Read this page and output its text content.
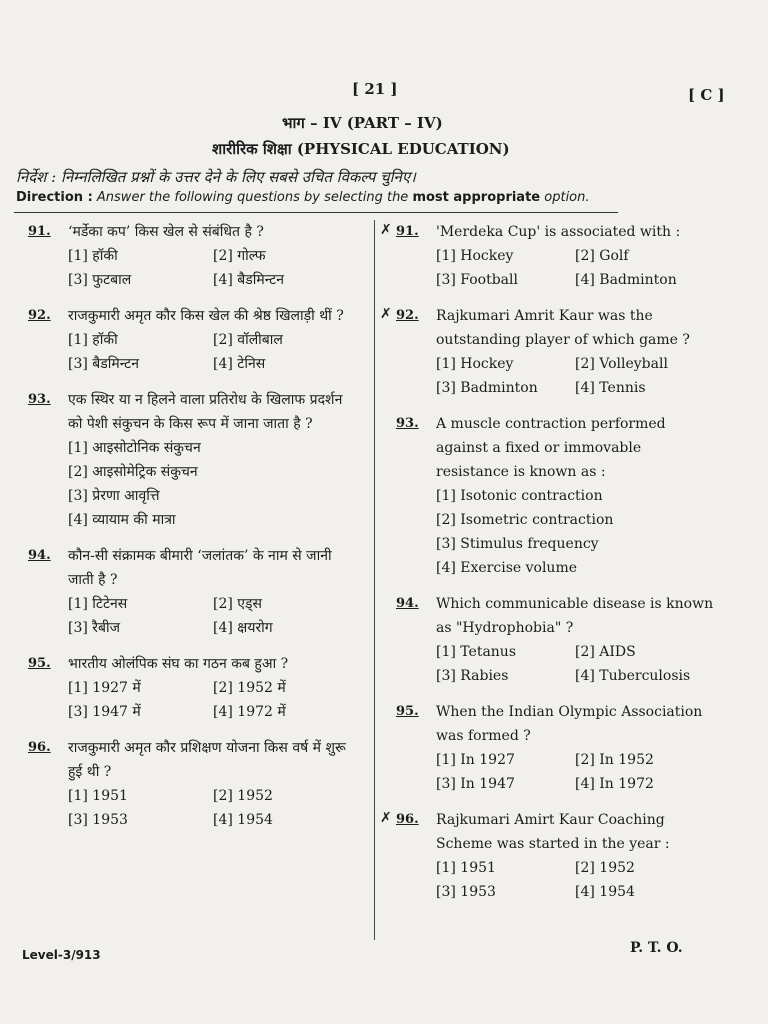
[ 21 ]	[ C ]
भाग – IV (PART – IV)
शारीरिक शिक्षा (PHYSICAL EDUCATION)
निर्देश : निम्नलिखित प्रश्नों के उत्तर देने के लिए सबसे उचित विकल्प चुनिए।
Direction : Answer the following questions by selecting the most appropriate option.
91. ‘मर्डेका कप’ किस खेल से संबंधित है ?
[1] हॉकी	[2] गोल्फ
[3] फुटबाल	[4] बैडमिन्टन
92. राजकुमारी अमृत कौर किस खेल की श्रेष्ठ खिलाड़ी थीं ?
[1] हॉकी	[2] वॉलीबाल
[3] बैडमिन्टन	[4] टेनिस
93. एक स्थिर या न हिलने वाला प्रतिरोध के खिलाफ प्रदर्शन को पेशी संकुचन के किस रूप में जाना जाता है ?
[1] आइसोटोनिक संकुचन
[2] आइसोमेट्रिक संकुचन
[3] प्रेरणा आवृत्ति
[4] व्यायाम की मात्रा
94. कौन-सी संक्रामक बीमारी ‘जलांतक’ के नाम से जानी जाती है ?
[1] टिटेनस	[2] एड्स
[3] रैबीज	[4] क्षयरोग
95. भारतीय ओलंपिक संघ का गठन कब हुआ ?
[1] 1927 में	[2] 1952 में
[3] 1947 में	[4] 1972 में
96. राजकुमारी अमृत कौर प्रशिक्षण योजना किस वर्ष में शुरू हुई थी ?
[1] 1951	[2] 1952
[3] 1953	[4] 1954
✗ 91. 'Merdeka Cup' is associated with :
[1] Hockey	[2] Golf
[3] Football	[4] Badminton
✗ 92. Rajkumari Amrit Kaur was the outstanding player of which game ?
[1] Hockey	[2] Volleyball
[3] Badminton	[4] Tennis
93. A muscle contraction performed against a fixed or immovable resistance is known as :
[1] Isotonic contraction
[2] Isometric contraction
[3] Stimulus frequency
[4] Exercise volume
94. Which communicable disease is known as "Hydrophobia" ?
[1] Tetanus	[2] AIDS
[3] Rabies	[4] Tuberculosis
95. When the Indian Olympic Association was formed ?
[1] In 1927	[2] In 1952
[3] In 1947	[4] In 1972
✗ 96. Rajkumari Amirt Kaur Coaching Scheme was started in the year :
[1] 1951	[2] 1952
[3] 1953	[4] 1954
Level-3/913	P. T. O.
